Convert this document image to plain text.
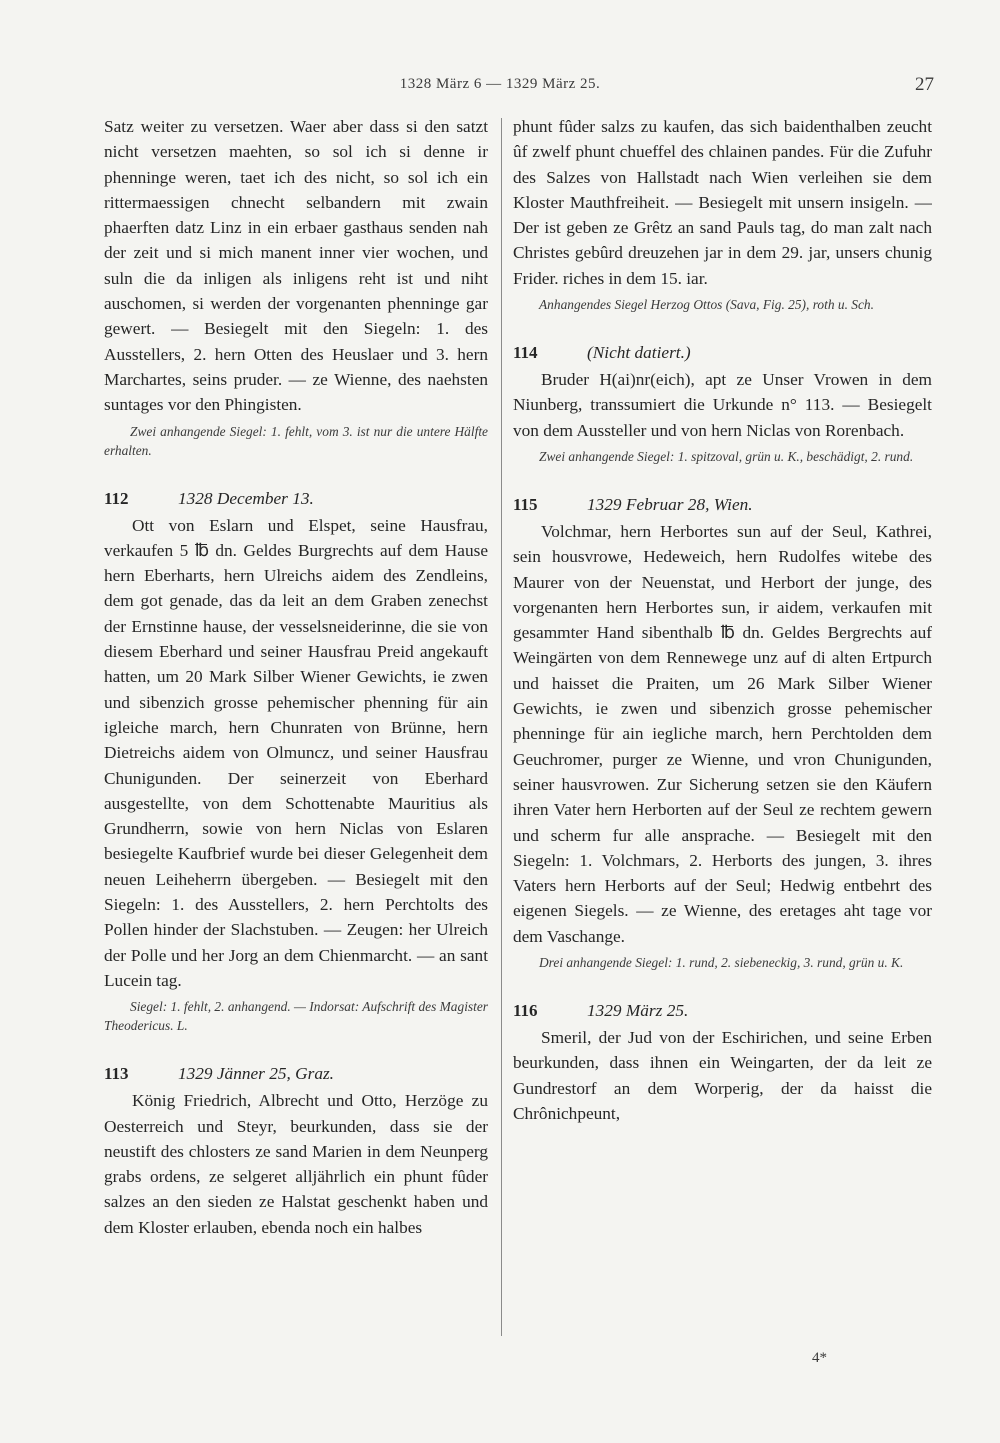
1328 März 6 — 1329 März 25.	27

Satz weiter zu versetzen. Waer aber dass si den satzt nicht versetzen maehten, so sol ich si denne ir phenninge weren, taet ich des nicht, so sol ich ein rittermaessigen chnecht selbandern mit zwain phaerften datz Linz in ein erbaer gasthaus senden nah der zeit und si mich manent inner vier wochen, und suln die da inligen als inligens reht ist und niht auschomen, si werden der vorgenanten phenninge gar gewert. — Besiegelt mit den Siegeln: 1. des Ausstellers, 2. hern Otten des Heuslaer und 3. hern Marchartes, seins pruder. — ze Wienne, des naehsten suntages vor den Phingisten.

Zwei anhangende Siegel: 1. fehlt, vom 3. ist nur die untere Hälfte erhalten.

112	1328 December 13.

Ott von Eslarn und Elspet, seine Hausfrau, verkaufen 5 ℔ dn. Geldes Burgrechts auf dem Hause hern Eberharts, hern Ulreichs aidem des Zendleins, dem got genade, das da leit an dem Graben zenechst der Ernstinne hause, der vesselsneiderinne, die sie von diesem Eberhard und seiner Hausfrau Preid angekauft hatten, um 20 Mark Silber Wiener Gewichts, ie zwen und sibenzich grosse pehemischer phenning für ain igleiche march, hern Chunraten von Brünne, hern Dietreichs aidem von Olmuncz, und seiner Hausfrau Chunigunden. Der seinerzeit von Eberhard ausgestellte, von dem Schottenabte Mauritius als Grundherrn, sowie von hern Niclas von Eslaren besiegelte Kaufbrief wurde bei dieser Gelegenheit dem neuen Leiheherrn übergeben. — Besiegelt mit den Siegeln: 1. des Ausstellers, 2. hern Perchtolts des Pollen hinder der Slachstuben. — Zeugen: her Ulreich der Polle und her Jorg an dem Chienmarcht. — an sant Lucein tag.

Siegel: 1. fehlt, 2. anhangend. — Indorsat: Aufschrift des Magister Theodericus. L.

113	1329 Jänner 25, Graz.

König Friedrich, Albrecht und Otto, Herzöge zu Oesterreich und Steyr, beurkunden, dass sie der neustift des chlosters ze sand Marien in dem Neunperg grabs ordens, ze selgeret alljährlich ein phunt fûder salzes an den sieden ze Halstat geschenkt haben und dem Kloster erlauben, ebenda noch ein halbes

phunt fûder salzs zu kaufen, das sich baidenthalben zeucht ûf zwelf phunt chueffel des chlainen pandes. Für die Zufuhr des Salzes von Hallstadt nach Wien verleihen sie dem Kloster Mauthfreiheit. — Besiegelt mit unsern insigeln. — Der ist geben ze Grêtz an sand Pauls tag, do man zalt nach Christes gebûrd dreuzehen jar in dem 29. jar, unsers chunig Frider. riches in dem 15. iar.

Anhangendes Siegel Herzog Ottos (Sava, Fig. 25), roth u. Sch.

114	(Nicht datiert.)

Bruder H(ai)nr(eich), apt ze Unser Vrowen in dem Niunberg, transsumiert die Urkunde n° 113. — Besiegelt von dem Aussteller und von hern Niclas von Rorenbach.

Zwei anhangende Siegel: 1. spitzoval, grün u. K., beschädigt, 2. rund.

115	1329 Februar 28, Wien.

Volchmar, hern Herbortes sun auf der Seul, Kathrei, sein housvrowe, Hedeweich, hern Rudolfes witebe des Maurer von der Neuenstat, und Herbort der junge, des vorgenanten hern Herbortes sun, ir aidem, verkaufen mit gesammter Hand sibenthalb ℔ dn. Geldes Bergrechts auf Weingärten von dem Rennewege unz auf di alten Ertpurch und haisset die Praiten, um 26 Mark Silber Wiener Gewichts, ie zwen und sibenzich grosse pehemischer phenninge für ain iegliche march, hern Perchtolden dem Geuchromer, purger ze Wienne, und vron Chunigunden, seiner hausvrowen. Zur Sicherung setzen sie den Käufern ihren Vater hern Herborten auf der Seul ze rechtem gewern und scherm fur alle ansprache. — Besiegelt mit den Siegeln: 1. Volchmars, 2. Herborts des jungen, 3. ihres Vaters hern Herborts auf der Seul; Hedwig entbehrt des eigenen Siegels. — ze Wienne, des eretages aht tage vor dem Vaschange.

Drei anhangende Siegel: 1. rund, 2. siebeneckig, 3. rund, grün u. K.

116	1329 März 25.

Smeril, der Jud von der Eschirichen, und seine Erben beurkunden, dass ihnen ein Weingarten, der da leit ze Gundrestorf an dem Worperig, der da haisst die Chrônichpeunt,

4*
